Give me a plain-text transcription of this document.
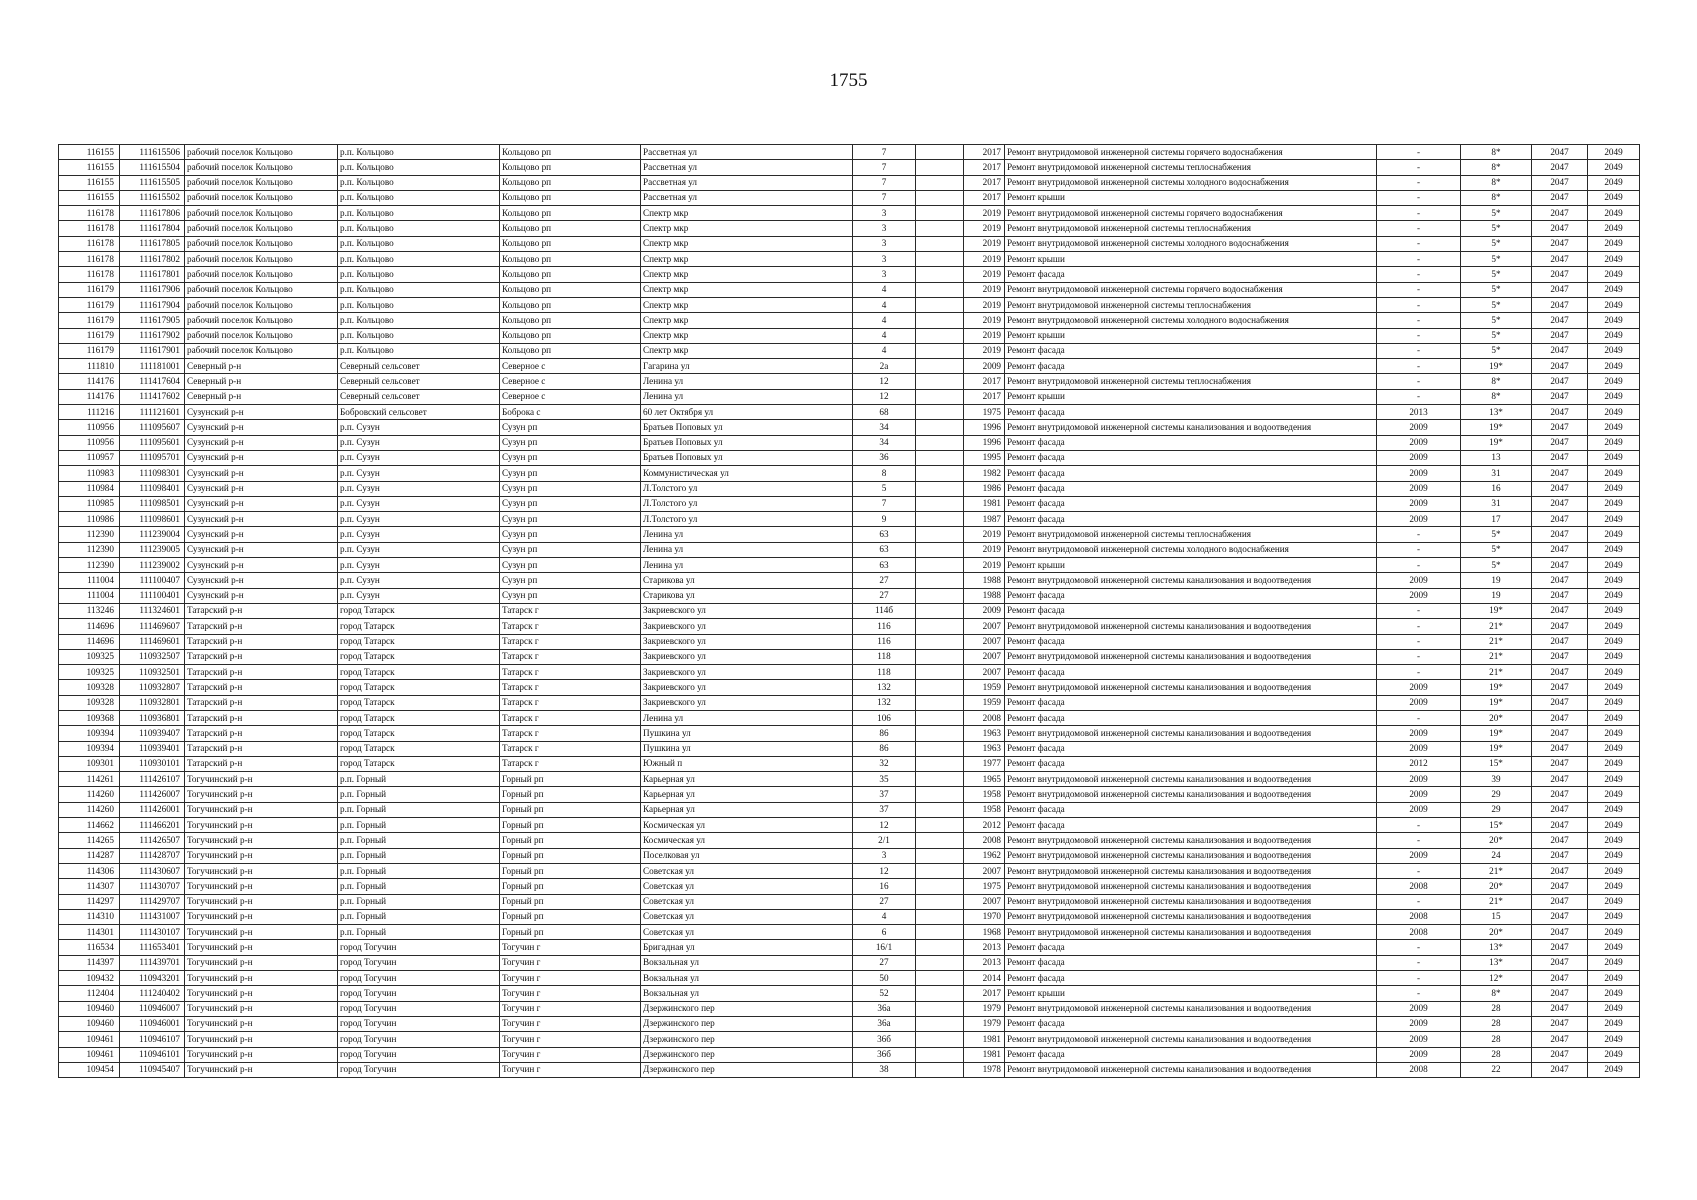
1755
116155	111615506	рабочий поселок Кольцово	р.п. Кольцово	Кольцово рп	Рассветная ул	7		2017	Ремонт внутридомовой инженерной системы горячего водоснабжения	-	8*	2047	2049
116155	111615504	рабочий поселок Кольцово	р.п. Кольцово	Кольцово рп	Рассветная ул	7		2017	Ремонт внутридомовой инженерной системы теплоснабжения	-	8*	2047	2049
116155	111615505	рабочий поселок Кольцово	р.п. Кольцово	Кольцово рп	Рассветная ул	7		2017	Ремонт внутридомовой инженерной системы холодного водоснабжения	-	8*	2047	2049
116155	111615502	рабочий поселок Кольцово	р.п. Кольцово	Кольцово рп	Рассветная ул	7		2017	Ремонт крыши	-	8*	2047	2049
116178	111617806	рабочий поселок Кольцово	р.п. Кольцово	Кольцово рп	Спектр мкр	3		2019	Ремонт внутридомовой инженерной системы горячего водоснабжения	-	5*	2047	2049
116178	111617804	рабочий поселок Кольцово	р.п. Кольцово	Кольцово рп	Спектр мкр	3		2019	Ремонт внутридомовой инженерной системы теплоснабжения	-	5*	2047	2049
116178	111617805	рабочий поселок Кольцово	р.п. Кольцово	Кольцово рп	Спектр мкр	3		2019	Ремонт внутридомовой инженерной системы холодного водоснабжения	-	5*	2047	2049
116178	111617802	рабочий поселок Кольцово	р.п. Кольцово	Кольцово рп	Спектр мкр	3		2019	Ремонт крыши	-	5*	2047	2049
116178	111617801	рабочий поселок Кольцово	р.п. Кольцово	Кольцово рп	Спектр мкр	3		2019	Ремонт фасада	-	5*	2047	2049
116179	111617906	рабочий поселок Кольцово	р.п. Кольцово	Кольцово рп	Спектр мкр	4		2019	Ремонт внутридомовой инженерной системы горячего водоснабжения	-	5*	2047	2049
116179	111617904	рабочий поселок Кольцово	р.п. Кольцово	Кольцово рп	Спектр мкр	4		2019	Ремонт внутридомовой инженерной системы теплоснабжения	-	5*	2047	2049
116179	111617905	рабочий поселок Кольцово	р.п. Кольцово	Кольцово рп	Спектр мкр	4		2019	Ремонт внутридомовой инженерной системы холодного водоснабжения	-	5*	2047	2049
116179	111617902	рабочий поселок Кольцово	р.п. Кольцово	Кольцово рп	Спектр мкр	4		2019	Ремонт крыши	-	5*	2047	2049
116179	111617901	рабочий поселок Кольцово	р.п. Кольцово	Кольцово рп	Спектр мкр	4		2019	Ремонт фасада	-	5*	2047	2049
111810	111181001	Северный р-н	Северный сельсовет	Северное с	Гагарина ул	2а		2009	Ремонт фасада	-	19*	2047	2049
114176	111417604	Северный р-н	Северный сельсовет	Северное с	Ленина ул	12		2017	Ремонт внутридомовой инженерной системы теплоснабжения	-	8*	2047	2049
114176	111417602	Северный р-н	Северный сельсовет	Северное с	Ленина ул	12		2017	Ремонт крыши	-	8*	2047	2049
111216	111121601	Сузунский р-н	Бобровский сельсовет	Боброка с	60 лет Октября ул	68		1975	Ремонт фасада	2013	13*	2047	2049
110956	111095607	Сузунский р-н	р.п. Сузун	Сузун рп	Братьев Поповых ул	34		1996	Ремонт внутридомовой инженерной системы канализования и водоотведения	2009	19*	2047	2049
110956	111095601	Сузунский р-н	р.п. Сузун	Сузун рп	Братьев Поповых ул	34		1996	Ремонт фасада	2009	19*	2047	2049
110957	111095701	Сузунский р-н	р.п. Сузун	Сузун рп	Братьев Поповых ул	36		1995	Ремонт фасада	2009	13	2047	2049
110983	111098301	Сузунский р-н	р.п. Сузун	Сузун рп	Коммунистическая ул	8		1982	Ремонт фасада	2009	31	2047	2049
110984	111098401	Сузунский р-н	р.п. Сузун	Сузун рп	Л.Толстого ул	5		1986	Ремонт фасада	2009	16	2047	2049
110985	111098501	Сузунский р-н	р.п. Сузун	Сузун рп	Л.Толстого ул	7		1981	Ремонт фасада	2009	31	2047	2049
110986	111098601	Сузунский р-н	р.п. Сузун	Сузун рп	Л.Толстого ул	9		1987	Ремонт фасада	2009	17	2047	2049
112390	111239004	Сузунский р-н	р.п. Сузун	Сузун рп	Ленина ул	63		2019	Ремонт внутридомовой инженерной системы теплоснабжения	-	5*	2047	2049
112390	111239005	Сузунский р-н	р.п. Сузун	Сузун рп	Ленина ул	63		2019	Ремонт внутридомовой инженерной системы холодного водоснабжения	-	5*	2047	2049
112390	111239002	Сузунский р-н	р.п. Сузун	Сузун рп	Ленина ул	63		2019	Ремонт крыши	-	5*	2047	2049
111004	111100407	Сузунский р-н	р.п. Сузун	Сузун рп	Старикова ул	27		1988	Ремонт внутридомовой инженерной системы канализования и водоотведения	2009	19	2047	2049
111004	111100401	Сузунский р-н	р.п. Сузун	Сузун рп	Старикова ул	27		1988	Ремонт фасада	2009	19	2047	2049
113246	111324601	Татарский р-н	город Татарск	Татарск г	Закриевского ул	114б		2009	Ремонт фасада	-	19*	2047	2049
114696	111469607	Татарский р-н	город Татарск	Татарск г	Закриевского ул	116		2007	Ремонт внутридомовой инженерной системы канализования и водоотведения	-	21*	2047	2049
114696	111469601	Татарский р-н	город Татарск	Татарск г	Закриевского ул	116		2007	Ремонт фасада	-	21*	2047	2049
109325	110932507	Татарский р-н	город Татарск	Татарск г	Закриевского ул	118		2007	Ремонт внутридомовой инженерной системы канализования и водоотведения	-	21*	2047	2049
109325	110932501	Татарский р-н	город Татарск	Татарск г	Закриевского ул	118		2007	Ремонт фасада	-	21*	2047	2049
109328	110932807	Татарский р-н	город Татарск	Татарск г	Закриевского ул	132		1959	Ремонт внутридомовой инженерной системы канализования и водоотведения	2009	19*	2047	2049
109328	110932801	Татарский р-н	город Татарск	Татарск г	Закриевского ул	132		1959	Ремонт фасада	2009	19*	2047	2049
109368	110936801	Татарский р-н	город Татарск	Татарск г	Ленина ул	106		2008	Ремонт фасада	-	20*	2047	2049
109394	110939407	Татарский р-н	город Татарск	Татарск г	Пушкина ул	86		1963	Ремонт внутридомовой инженерной системы канализования и водоотведения	2009	19*	2047	2049
109394	110939401	Татарский р-н	город Татарск	Татарск г	Пушкина ул	86		1963	Ремонт фасада	2009	19*	2047	2049
109301	110930101	Татарский р-н	город Татарск	Татарск г	Южный п	32		1977	Ремонт фасада	2012	15*	2047	2049
114261	111426107	Тогучинский р-н	р.п. Горный	Горный рп	Карьерная ул	35		1965	Ремонт внутридомовой инженерной системы канализования и водоотведения	2009	39	2047	2049
114260	111426007	Тогучинский р-н	р.п. Горный	Горный рп	Карьерная ул	37		1958	Ремонт внутридомовой инженерной системы канализования и водоотведения	2009	29	2047	2049
114260	111426001	Тогучинский р-н	р.п. Горный	Горный рп	Карьерная ул	37		1958	Ремонт фасада	2009	29	2047	2049
114662	111466201	Тогучинский р-н	р.п. Горный	Горный рп	Космическая ул	12		2012	Ремонт фасада	-	15*	2047	2049
114265	111426507	Тогучинский р-н	р.п. Горный	Горный рп	Космическая ул	2/1		2008	Ремонт внутридомовой инженерной системы канализования и водоотведения	-	20*	2047	2049
114287	111428707	Тогучинский р-н	р.п. Горный	Горный рп	Поселковая ул	3		1962	Ремонт внутридомовой инженерной системы канализования и водоотведения	2009	24	2047	2049
114306	111430607	Тогучинский р-н	р.п. Горный	Горный рп	Советская ул	12		2007	Ремонт внутридомовой инженерной системы канализования и водоотведения	-	21*	2047	2049
114307	111430707	Тогучинский р-н	р.п. Горный	Горный рп	Советская ул	16		1975	Ремонт внутридомовой инженерной системы канализования и водоотведения	2008	20*	2047	2049
114297	111429707	Тогучинский р-н	р.п. Горный	Горный рп	Советская ул	27		2007	Ремонт внутридомовой инженерной системы канализования и водоотведения	-	21*	2047	2049
114310	111431007	Тогучинский р-н	р.п. Горный	Горный рп	Советская ул	4		1970	Ремонт внутридомовой инженерной системы канализования и водоотведения	2008	15	2047	2049
114301	111430107	Тогучинский р-н	р.п. Горный	Горный рп	Советская ул	6		1968	Ремонт внутридомовой инженерной системы канализования и водоотведения	2008	20*	2047	2049
116534	111653401	Тогучинский р-н	город Тогучин	Тогучин г	Бригадная ул	16/1		2013	Ремонт фасада	-	13*	2047	2049
114397	111439701	Тогучинский р-н	город Тогучин	Тогучин г	Вокзальная ул	27		2013	Ремонт фасада	-	13*	2047	2049
109432	110943201	Тогучинский р-н	город Тогучин	Тогучин г	Вокзальная ул	50		2014	Ремонт фасада	-	12*	2047	2049
112404	111240402	Тогучинский р-н	город Тогучин	Тогучин г	Вокзальная ул	52		2017	Ремонт крыши	-	8*	2047	2049
109460	110946007	Тогучинский р-н	город Тогучин	Тогучин г	Дзержинского пер	36а		1979	Ремонт внутридомовой инженерной системы канализования и водоотведения	2009	28	2047	2049
109460	110946001	Тогучинский р-н	город Тогучин	Тогучин г	Дзержинского пер	36а		1979	Ремонт фасада	2009	28	2047	2049
109461	110946107	Тогучинский р-н	город Тогучин	Тогучин г	Дзержинского пер	36б		1981	Ремонт внутридомовой инженерной системы канализования и водоотведения	2009	28	2047	2049
109461	110946101	Тогучинский р-н	город Тогучин	Тогучин г	Дзержинского пер	36б		1981	Ремонт фасада	2009	28	2047	2049
109454	110945407	Тогучинский р-н	город Тогучин	Тогучин г	Дзержинского пер	38		1978	Ремонт внутридомовой инженерной системы канализования и водоотведения	2008	22	2047	2049
